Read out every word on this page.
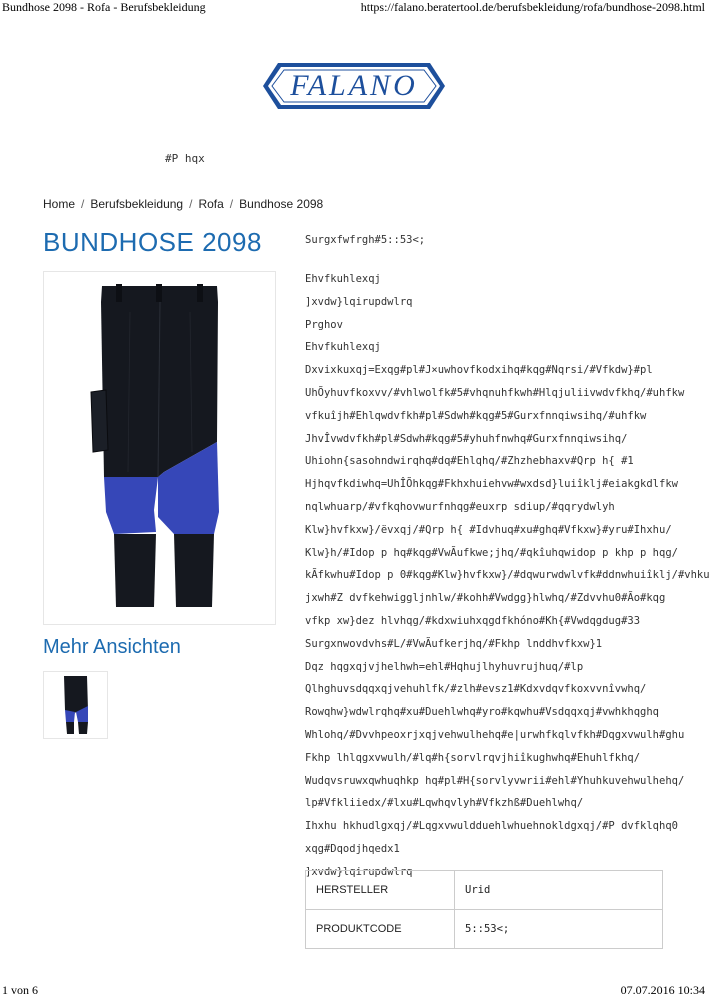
Bundhose 2098 - Rofa - Berufsbekleidung	https://falano.beratertool.de/berufsbekleidung/rofa/bundhose-2098.html
FALANO
#P hqx
Home / Berufsbekleidung / Rofa / Bundhose 2098
BUNDHOSE 2098
Mehr Ansichten
Surgxfwfrgh#5::53<;
Ehvfkuhlexqj
]xvdw}lqirupdwlrq
Prghov
Ehvfkuhlexqj
Dxvixkuxqj=Exqg#pl#J×uwhovfkodxihq#kqg#Nqrsi/#Vfkdw}#pl
UhÕyhuvfkoxvv/#vhlwolfk#5#vhqnuhfkwh#Hlqjuliivwdvfkhq/#uhfkw
vfkuîjh#Ehlqwdvfkh#pl#Sdwh#kqg#5#Gurxfnnqiwsihq/#uhfkw
JhvÎvwdvfkh#pl#Sdwh#kqg#5#yhuhfnwhq#Gurxfnnqiwsihq/
Uhiohn{sasohndwirqhq#dq#Ehlqhq/#Zhzhebhaxv#Qrp h{ #1
Hjhqvfkdiwhq=UhÎÕhkqg#Fkhxhuiehvw#wxdsd}luiîklj#eiakgkdlfkw
nqlwhuarp/#vfkqhovwurfnhqg#euxrp sdiup/#qqrydwlyh
Klw}hvfkxw}/ëvxqj/#Qrp h{ #Idvhuq#xu#ghq#Vfkxw}#yru#Ihxhu/
Klw}h/#Idop p hq#kqg#VwÃufkwe;jhq/#qkîuhqwidop p khp p hqg/
kÃfkwhu#Idop p 0#kqg#Klw}hvfkxw}/#dqwurwdwlvfk#ddnwhuiîklj/#vhku
jxwh#Z dvfkehwiggljnhlw/#kohh#Vwdgg}hlwhq/#Zdvvhu0#Ão#kqg
vfkp xw}dez hlvhqg/#kdxwiuhxqgdfkhóno#Kh{#Vwdqgdug#33
Surgxnwovdvhs#L/#VwÃufkerjhq/#Fkhp lnddhvfkxw}1
Dqz hqgxqjvjhelhwh=ehl#Hqhujlhyhuvrujhuq/#lp
Qlhghuvsdqqxqjvehuhlfk/#zlh#evsz1#Kdxvdqvfkoxvvnîvwhq/
Rowqhw}wdwlrqhq#xu#Duehlwhq#yro#kqwhu#Vsdqqxqj#vwhkhqghq
Whlohq/#Dvvhpeoxrjxqjvehwulhehq#e|urwhfkqlvfkh#Dqgxvwulh#ghu
Fkhp lhlqgxvwulh/#lq#h{sorvlrqvjhiîkughwhq#Ehuhlfkhq/
Wudqvsruwxqwhuqhkp hq#pl#H{sorvlyvwrii#ehl#Yhuhkuvehwulhehq/
lp#Vfkliiedx/#lxu#Lqwhqvlyh#Vfkzhß#Duehlwhq/
Ihxhu hkhudlgxqj/#Lqgxvwuldduehlwhuehnokldgxqj/#P dvfklqhq0
xqg#Dqodjhqedx1
]xvdw}lqirupdwlrq
HERSTELLER	Urid
PRODUKTCODE	5::53<;
1 von 6	07.07.2016 10:34
